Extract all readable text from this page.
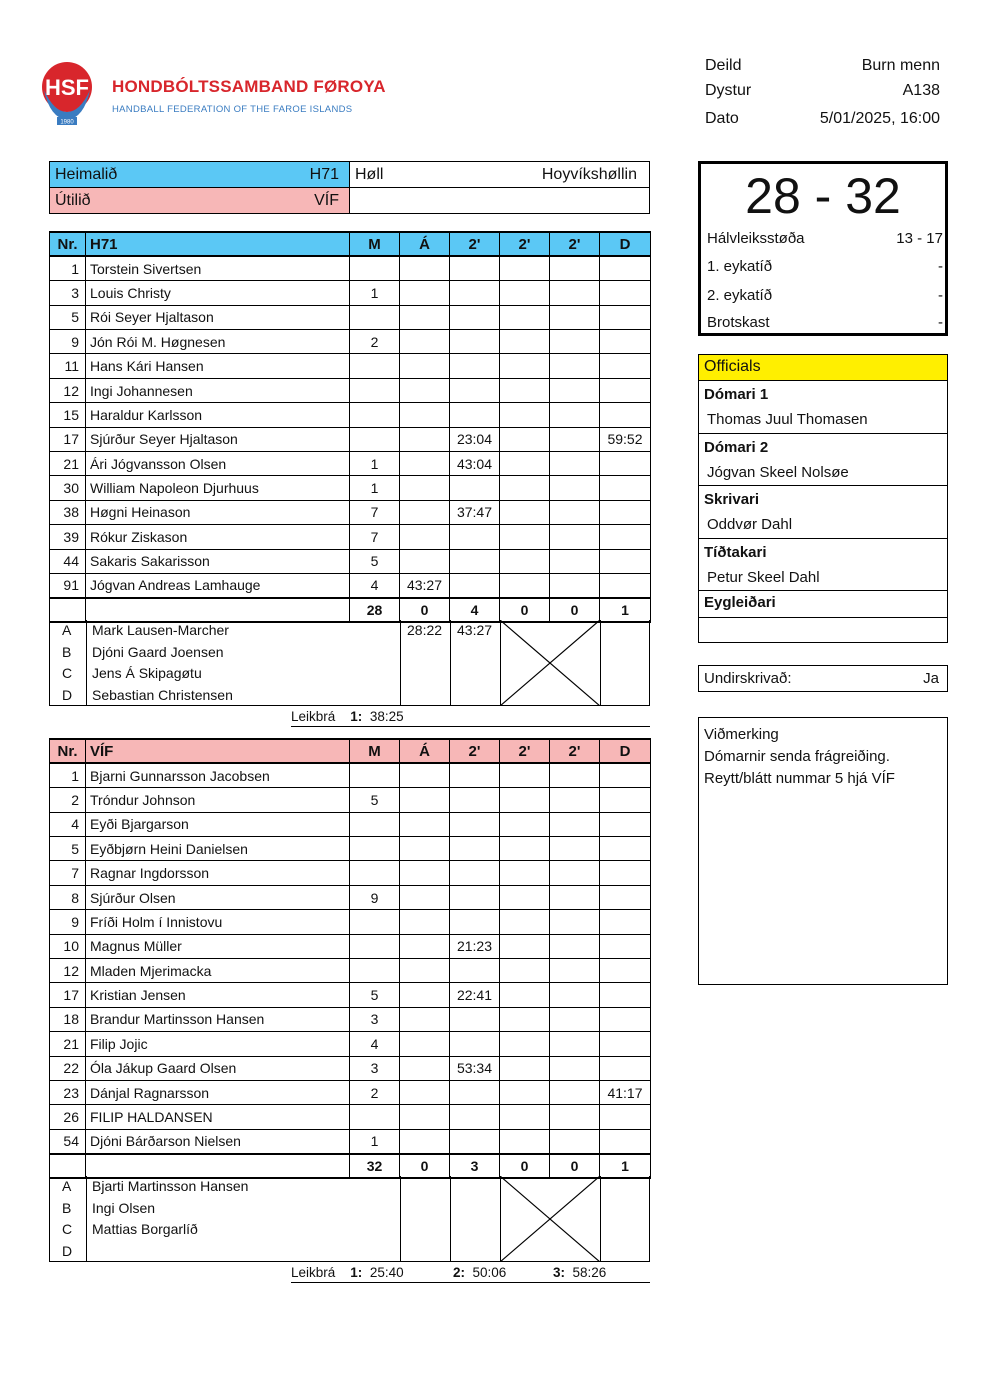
HSF
1980
HONDBÓLTSSAMBAND FØROYA
HANDBALL FEDERATION OF THE FAROE ISLANDS
Deild	Burn menn
Dystur	A138
Dato	5/01/2025, 16:00
Heimalið H71	Høll Hoyvíkshøllin

Útilið VÍF	

Nr.	H71	M	Á	2'	2'	2'	D
1	Torstein Sivertsen						
3	Louis Christy	1					
5	Rói Seyer Hjaltason						
9	Jón Rói M. Høgnesen	2					
11	Hans Kári Hansen						
12	Ingi Johannesen						
15	Haraldur Karlsson						
17	Sjúrður Seyer Hjaltason			23:04			59:52
21	Ári Jógvansson Olsen	1		43:04			
30	William Napoleon Djurhuus	1					
38	Høgni Heinason	7		37:47			
39	Rókur Ziskason	7					
44	Sakaris Sakarisson	5					
91	Jógvan Andreas Lamhauge	4	43:27				
		28	0	4	0	0	1
Nr.	VÍF	M	Á	2'	2'	2'	D
1	Bjarni Gunnarsson Jacobsen						
2	Tróndur Johnson	5					
4	Eyði Bjargarson						
5	Eyðbjørn Heini Danielsen						
7	Ragnar Ingdorsson						
8	Sjúrður Olsen	9					
9	Fríði Holm í Innistovu						
10	Magnus Müller			21:23			
12	Mladen Mjerimacka						
17	Kristian Jensen	5		22:41			
18	Brandur Martinsson Hansen	3					
21	Filip Jojic	4					
22	Óla Jákup Gaard Olsen	3		53:34			
23	Dánjal Ragnarsson	2					41:17
26	FILIP HALDANSEN						
54	Djóni Bárðarson Nielsen	1					
		32	0	3	0	0	1
A Mark Lausen-Marcher	28:22 43:27
B Djóni Gaard Joensen
C Jens Á Skipagøtu
D Sebastian Christensen
Leikbrá 1: 38:25
A Bjarti Martinsson Hansen
B Ingi Olsen
C Mattias Borgarlíð
D
Leikbrá 1: 25:40	2: 50:06	3: 58:26
28 - 32
Hálvleiksstøða	13 - 17
1. eykatíð	-
2. eykatíð	-
Brotskast	-
Officials
Dómari 1
Thomas Juul Thomasen
Dómari 2
Jógvan Skeel Nolsøe
Skrivari
Oddvør Dahl
Tíðtakari
Petur Skeel Dahl
Eygleiðari
Undirskrivað:	Ja
Viðmerking
Dómarnir senda frágreiðing.
Reytt/blátt nummar 5 hjá VÍF
